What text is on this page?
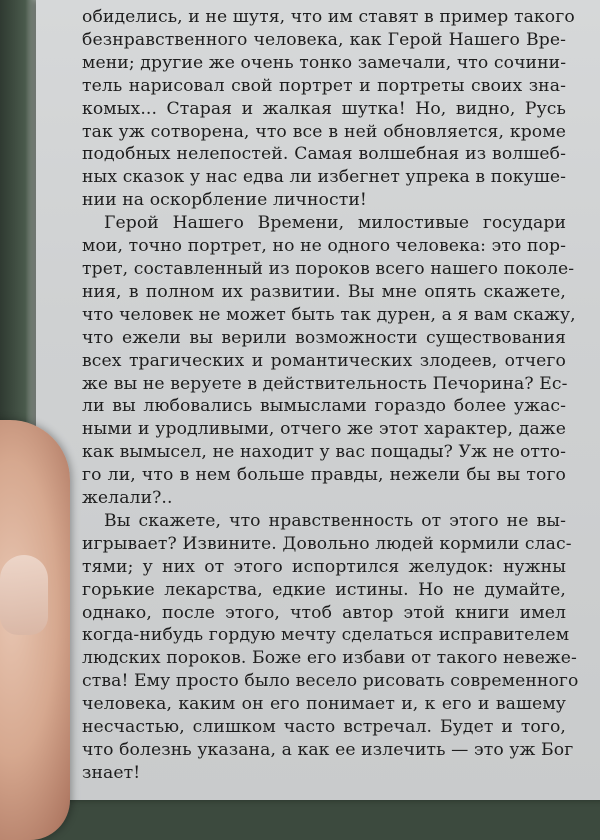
обиделись, и не шутя, что им ставят в пример такого
безнравственного человека, как Герой Нашего Вре-
мени; другие же очень тонко замечали, что сочини-
тель нарисовал свой портрет и портреты своих зна-
комых... Старая и жалкая шутка! Но, видно, Русь
так уж сотворена, что все в ней обновляется, кроме
подобных нелепостей. Самая волшебная из волшеб-
ных сказок у нас едва ли избегнет упрека в покуше-
нии на оскорбление личности!
Герой Нашего Времени, милостивые государи
мои, точно портрет, но не одного человека: это пор-
трет, составленный из пороков всего нашего поколе-
ния, в полном их развитии. Вы мне опять скажете,
что человек не может быть так дурен, а я вам скажу,
что ежели вы верили возможности существования
всех трагических и романтических злодеев, отчего
же вы не веруете в действительность Печорина? Ес-
ли вы любовались вымыслами гораздо более ужас-
ными и уродливыми, отчего же этот характер, даже
как вымысел, не находит у вас пощады? Уж не отто-
го ли, что в нем больше правды, нежели бы вы того
желали?..
Вы скажете, что нравственность от этого не вы-
игрывает? Извините. Довольно людей кормили слас-
тями; у них от этого испортился желудок: нужны
горькие лекарства, едкие истины. Но не думайте,
однако, после этого, чтоб автор этой книги имел
когда-нибудь гордую мечту сделаться исправителем
людских пороков. Боже его избави от такого невеже-
ства! Ему просто было весело рисовать современного
человека, каким он его понимает и, к его и вашему
несчастью, слишком часто встречал. Будет и того,
что болезнь указана, а как ее излечить — это уж Бог
знает!
